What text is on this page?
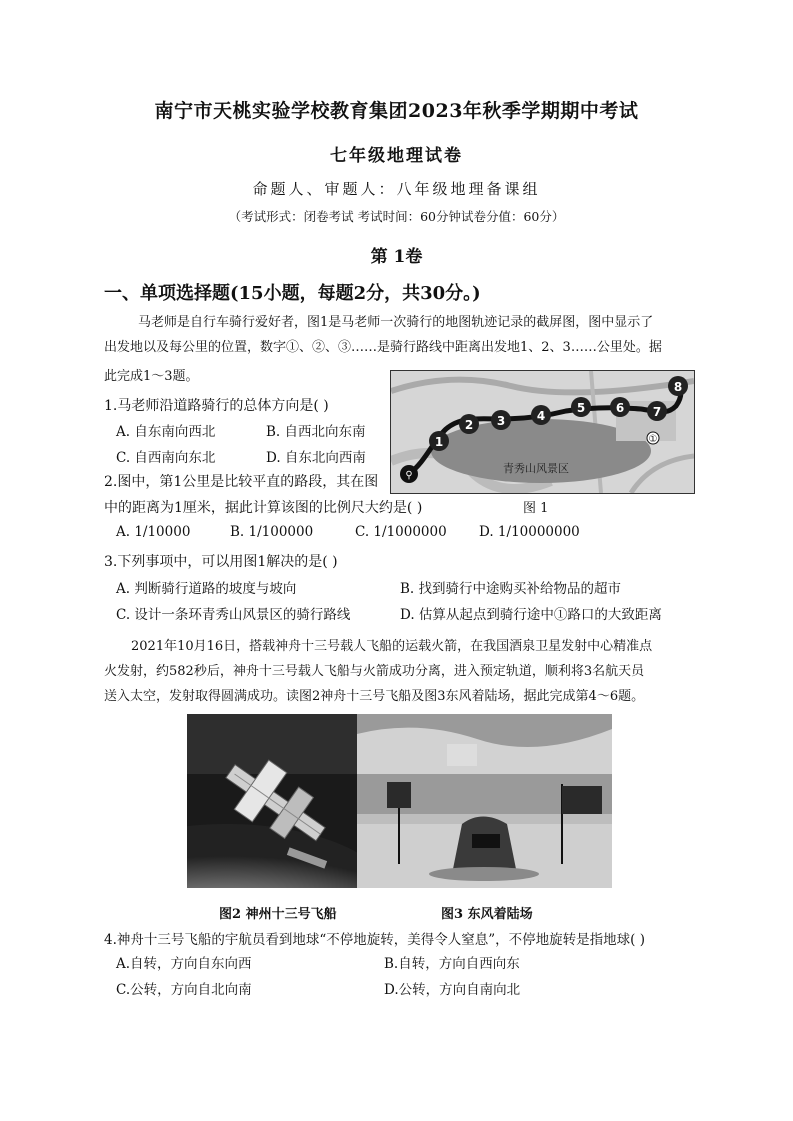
南宁市天桃实验学校教育集团2023年秋季学期期中考试
七年级地理试卷
命题人、审题人：八年级地理备课组
（考试形式：闭卷考试 考试时间：60分钟试卷分值：60分）
第 1卷
一、单项选择题(15小题，每题2分，共30分。)
马老师是自行车骑行爱好者，图1是马老师一次骑行的地图轨迹记录的截屏图，图中显示了
出发地以及每公里的位置，数字①、②、③……是骑行路线中距离出发地1、2、3……公里处。据
此完成1～3题。
1.马老师沿道路骑行的总体方向是( )
A. 自东南向西北	B. 自西北向东南
C. 自西南向东北	D. 自东北向西南
2.图中，第1公里是比较平直的路段，其在图
中的距离为1厘米，据此计算该图的比例尺大约是( )	图 1
A. 1/10000	B. 1/100000	C. 1/1000000 D. 1/10000000
⚲
①
1
2 3	4
5	6 7
8
青秀山风景区
3.下列事项中，可以用图1解决的是( )
A. 判断骑行道路的坡度与坡向	B. 找到骑行中途购买补给物品的超市
C. 设计一条环青秀山风景区的骑行路线	D. 估算从起点到骑行途中①路口的大致距离
2021年10月16日，搭载神舟十三号载人飞船的运载火箭，在我国酒泉卫星发射中心精准点
火发射，约582秒后，神舟十三号载人飞船与火箭成功分离，进入预定轨道，顺利将3名航天员
送入太空，发射取得圆满成功。读图2神舟十三号飞船及图3东风着陆场，据此完成第4～6题。
图2 神州十三号飞船	图3 东风着陆场
4.神舟十三号飞船的宇航员看到地球“不停地旋转，美得令人窒息”，不停地旋转是指地球( )
A.自转，方向自东向西	B.自转，方向自西向东
C.公转，方向自北向南	D.公转，方向自南向北
